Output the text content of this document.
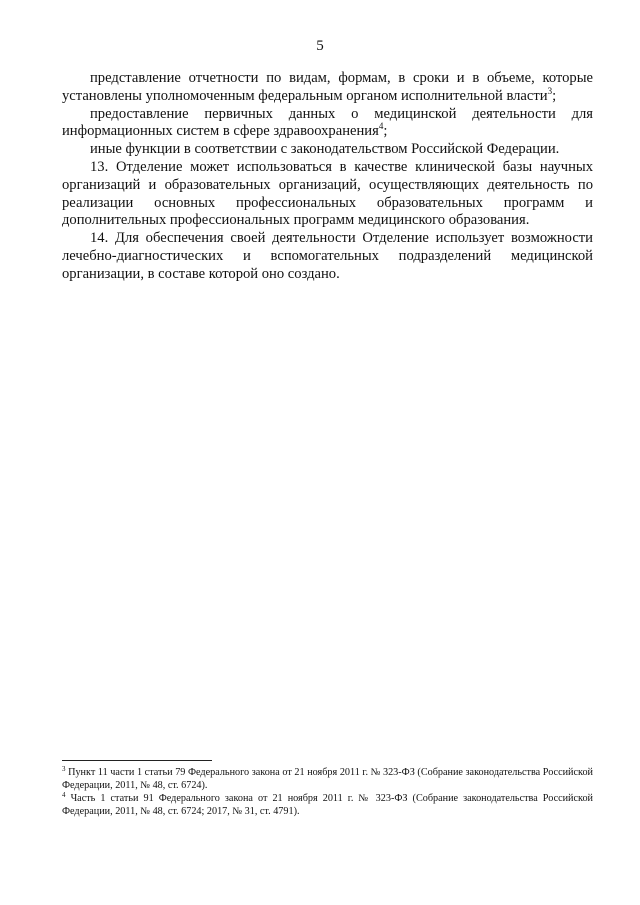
5

представление отчетности по видам, формам, в сроки и в объеме, которые установлены уполномоченным федеральным органом исполнительной власти$^3$;

предоставление первичных данных о медицинской деятельности для информационных систем в сфере здравоохранения$^4$;

иные функции в соответствии с законодательством Российской Федерации.

13. Отделение может использоваться в качестве клинической базы научных организаций и образовательных организаций, осуществляющих деятельность по реализации основных профессиональных образовательных программ и дополнительных профессиональных программ медицинского образования.

14. Для обеспечения своей деятельности Отделение использует возможности лечебно-диагностических и вспомогательных подразделений медицинской организации, в составе которой оно создано.

$^3$ Пункт 11 части 1 статьи 79 Федерального закона от 21 ноября 2011 г. № 323-ФЗ (Собрание законодательства Российской Федерации, 2011, № 48, ст. 6724).

$^4$ Часть 1 статьи 91 Федерального закона от 21 ноября 2011 г. № 323-ФЗ (Собрание законодательства Российской Федерации, 2011, № 48, ст. 6724; 2017, № 31, ст. 4791).
